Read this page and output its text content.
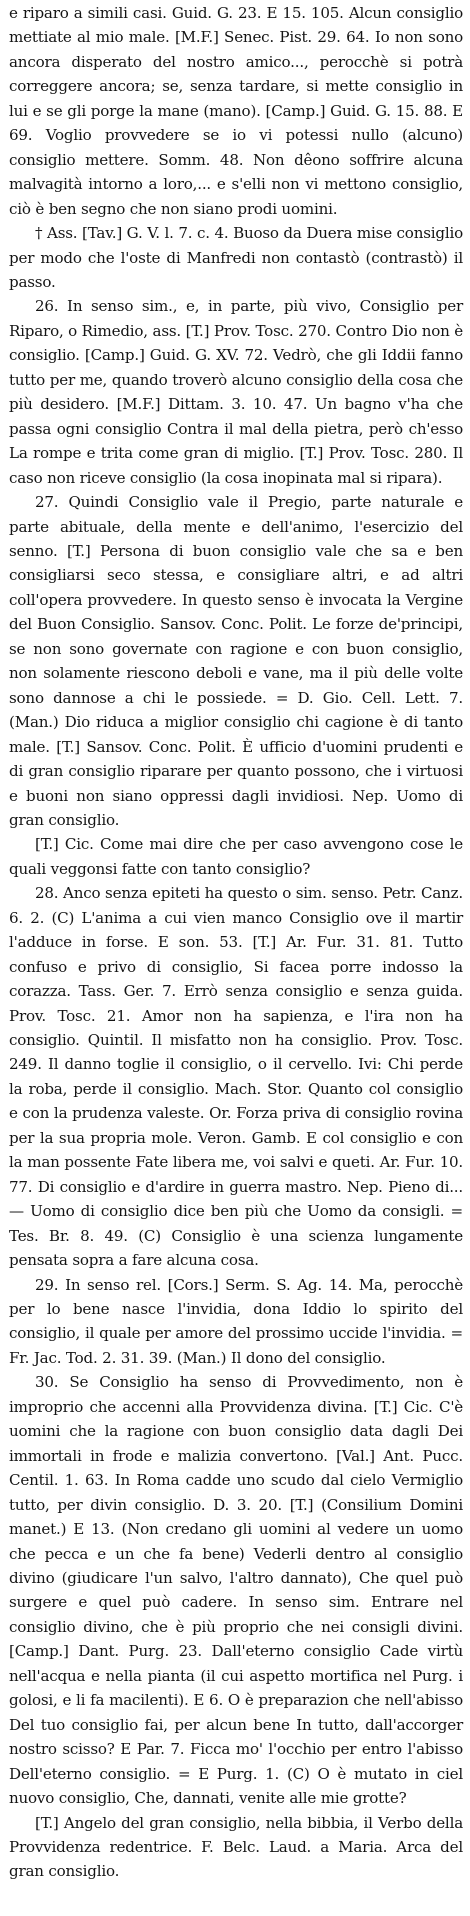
e riparo a simili casi. Guid. G. 23. E 15. 105. Alcun consiglio mettiate al mio male. [M.F.] Senec. Pist. 29. 64. Io non sono ancora disperato del nostro amico..., perocchè si potrà correggere ancora; se, senza tardare, si mette consiglio in lui e se gli porge la mane (mano). [Camp.] Guid. G. 15. 88. E 69. Voglio provvedere se io vi potessi nullo (alcuno) consiglio mettere. Somm. 48. Non dêono soffrire alcuna malvagità intorno a loro,... e s'elli non vi mettono consiglio, ciò è ben segno che non siano prodi uomini.

† Ass. [Tav.] G. V. l. 7. c. 4. Buoso da Duera mise consiglio per modo che l'oste di Manfredi non contastò (contrastò) il passo.

26. In senso sim., e, in parte, più vivo, Consiglio per Riparo, o Rimedio, ass. [T.] Prov. Tosc. 270. Contro Dio non è consiglio. [Camp.] Guid. G. XV. 72. Vedrò, che gli Iddii fanno tutto per me, quando troverò alcuno consiglio della cosa che più desidero. [M.F.] Dittam. 3. 10. 47. Un bagno v'ha che passa ogni consiglio Contra il mal della pietra, però ch'esso La rompe e trita come gran di miglio. [T.] Prov. Tosc. 280. Il caso non riceve consiglio (la cosa inopinata mal si ripara).

27. Quindi Consiglio vale il Pregio, parte naturale e parte abituale, della mente e dell'animo, l'esercizio del senno. [T.] Persona di buon consiglio vale che sa e ben consigliarsi seco stessa, e consigliare altri, e ad altri coll'opera provvedere. In questo senso è invocata la Vergine del Buon Consiglio. Sansov. Conc. Polit. Le forze de'principi, se non sono governate con ragione e con buon consiglio, non solamente riescono deboli e vane, ma il più delle volte sono dannose a chi le possiede. = D. Gio. Cell. Lett. 7. (Man.) Dio riduca a miglior consiglio chi cagione è di tanto male. [T.] Sansov. Conc. Polit. È ufficio d'uomini prudenti e di gran consiglio riparare per quanto possono, che i virtuosi e buoni non siano oppressi dagli invidiosi. Nep. Uomo di gran consiglio.

[T.] Cic. Come mai dire che per caso avvengono cose le quali veggonsi fatte con tanto consiglio?

28. Anco senza epiteti ha questo o sim. senso. Petr. Canz. 6. 2. (C) L'anima a cui vien manco Consiglio ove il martir l'adduce in forse. E son. 53. [T.] Ar. Fur. 31. 81. Tutto confuso e privo di consiglio, Si facea porre indosso la corazza. Tass. Ger. 7. Errò senza consiglio e senza guida. Prov. Tosc. 21. Amor non ha sapienza, e l'ira non ha consiglio. Quintil. Il misfatto non ha consiglio. Prov. Tosc. 249. Il danno toglie il consiglio, o il cervello. Ivi: Chi perde la roba, perde il consiglio. Mach. Stor. Quanto col consiglio e con la prudenza valeste. Or. Forza priva di consiglio rovina per la sua propria mole. Veron. Gamb. E col consiglio e con la man possente Fate libera me, voi salvi e queti. Ar. Fur. 10. 77. Di consiglio e d'ardire in guerra mastro. Nep. Pieno di... — Uomo di consiglio dice ben più che Uomo da consigli. = Tes. Br. 8. 49. (C) Consiglio è una scienza lungamente pensata sopra a fare alcuna cosa.

29. In senso rel. [Cors.] Serm. S. Ag. 14. Ma, perocchè per lo bene nasce l'invidia, dona Iddio lo spirito del consiglio, il quale per amore del prossimo uccide l'invidia. = Fr. Jac. Tod. 2. 31. 39. (Man.) Il dono del consiglio.

30. Se Consiglio ha senso di Provvedimento, non è improprio che accenni alla Provvidenza divina. [T.] Cic. C'è uomini che la ragione con buon consiglio data dagli Dei immortali in frode e malizia convertono. [Val.] Ant. Pucc. Centil. 1. 63. In Roma cadde uno scudo dal cielo Vermiglio tutto, per divin consiglio. D. 3. 20. [T.] (Consilium Domini manet.) E 13. (Non credano gli uomini al vedere un uomo che pecca e un che fa bene) Vederli dentro al consiglio divino (giudicare l'un salvo, l'altro dannato), Che quel può surgere e quel può cadere. In senso sim. Entrare nel consiglio divino, che è più proprio che nei consigli divini. [Camp.] Dant. Purg. 23. Dall'eterno consiglio Cade virtù nell'acqua e nella pianta (il cui aspetto mortifica nel Purg. i golosi, e li fa macilenti). E 6. O è preparazion che nell'abisso Del tuo consiglio fai, per alcun bene In tutto, dall'accorger nostro scisso? E Par. 7. Ficca mo' l'occhio per entro l'abisso Dell'eterno consiglio. = E Purg. 1. (C) O è mutato in ciel nuovo consiglio, Che, dannati, venite alle mie grotte?

[T.] Angelo del gran consiglio, nella bibbia, il Verbo della Provvidenza redentrice. F. Belc. Laud. a Maria. Arca del gran consiglio.
